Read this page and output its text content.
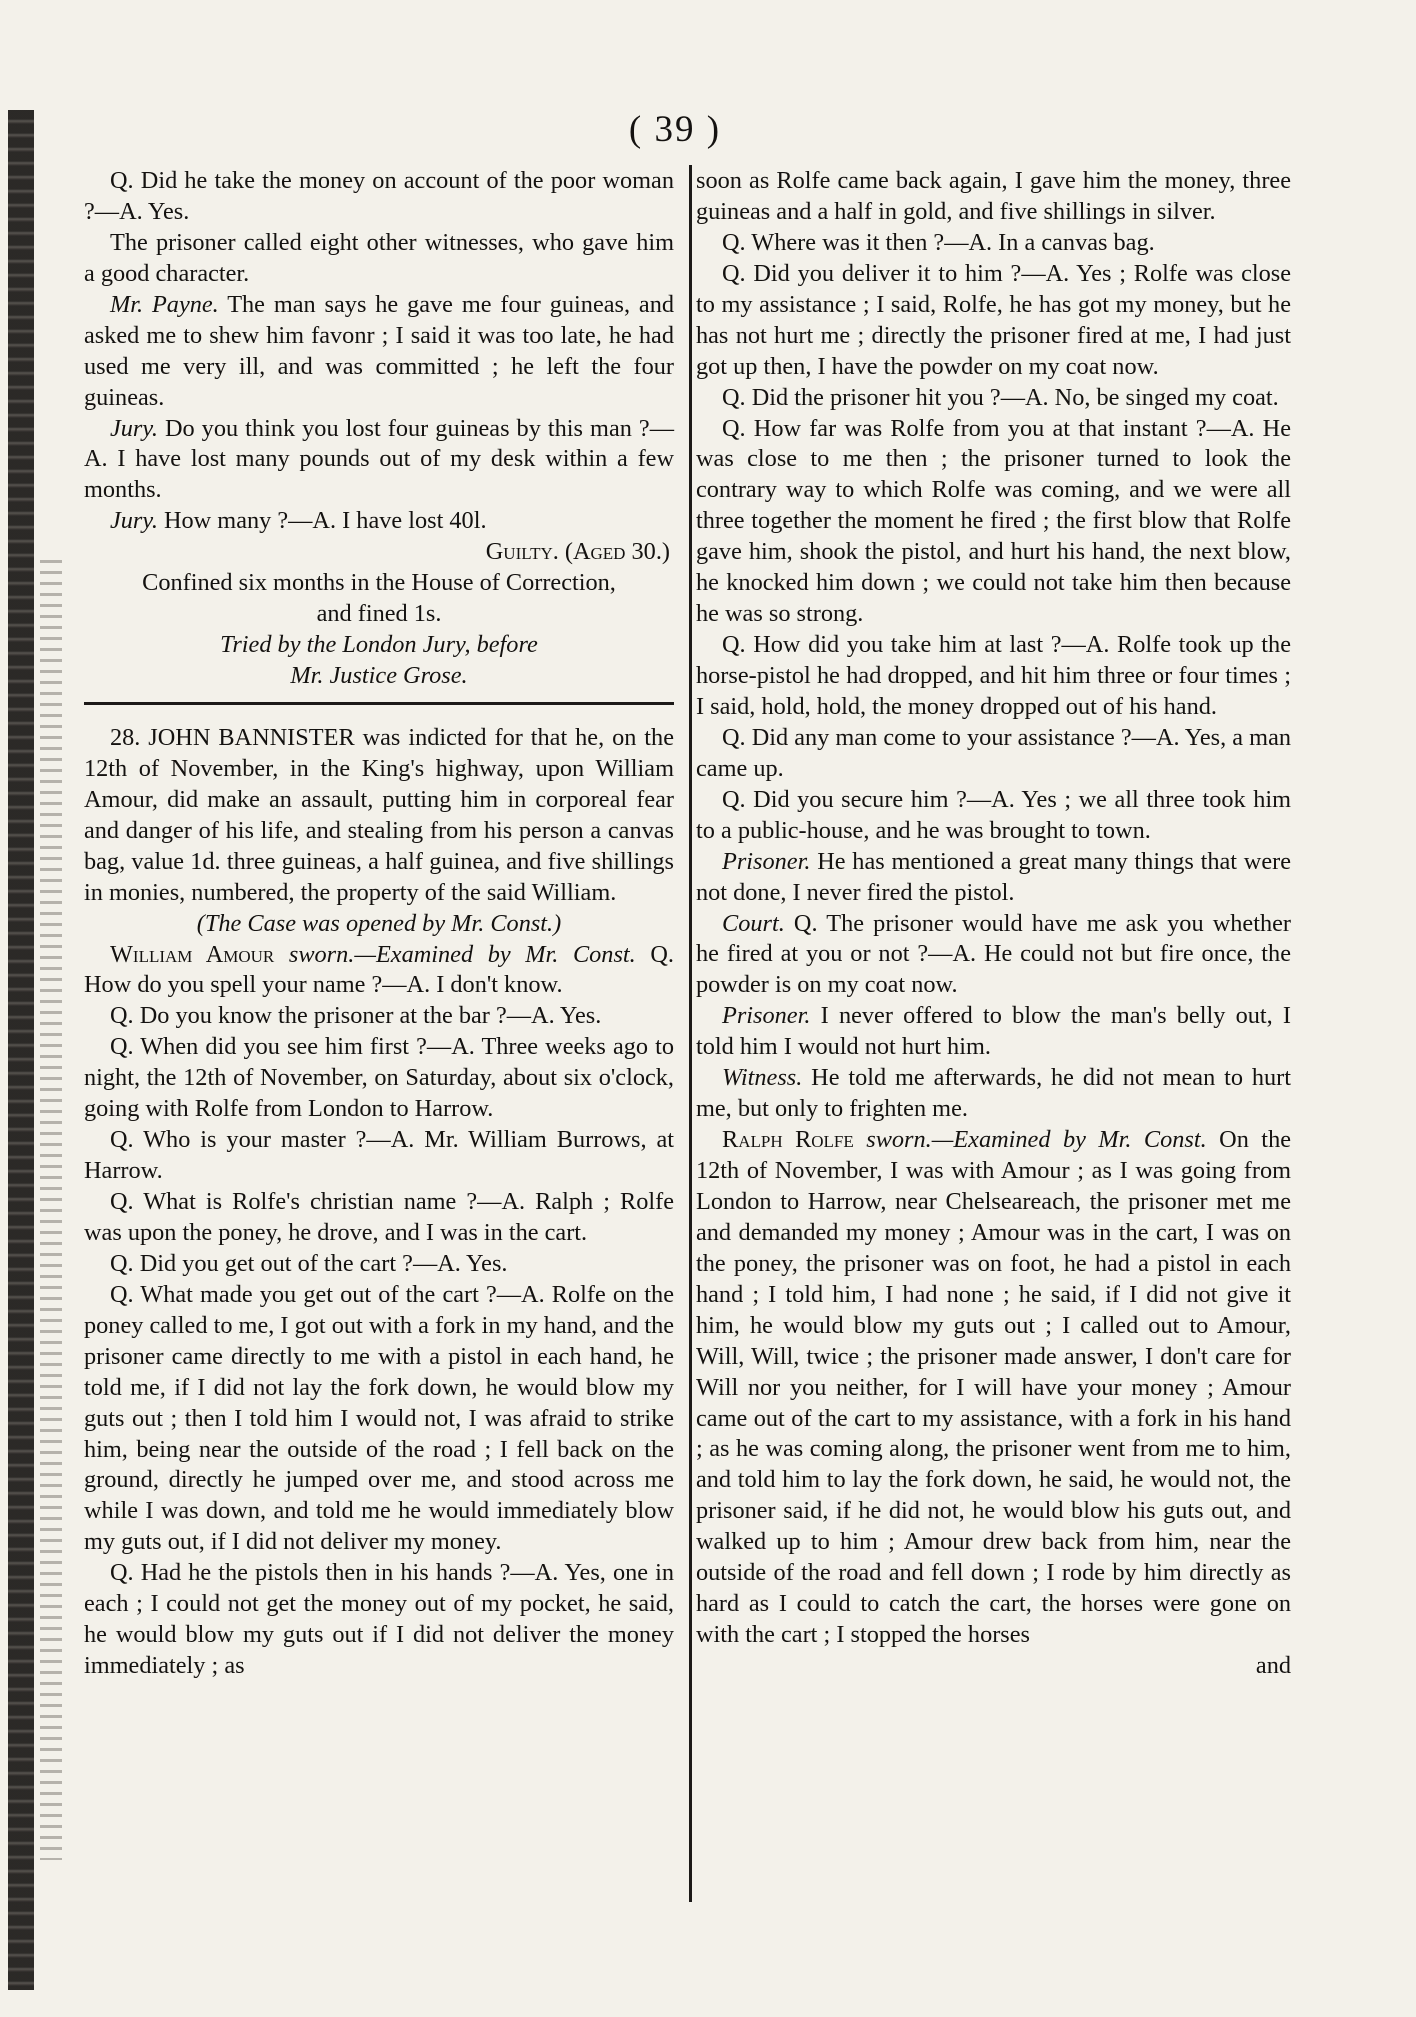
( 39 )

Q. Did he take the money on account of the poor woman ?—A. Yes.

The prisoner called eight other witnesses, who gave him a good character.

Mr. Payne. The man says he gave me four guineas, and asked me to shew him favonr ; I said it was too late, he had used me very ill, and was committed ; he left the four guineas.

Jury. Do you think you lost four guineas by this man ?—A. I have lost many pounds out of my desk within a few months.

Jury. How many ?—A. I have lost 40l.

Guilty. (Aged 30.)

Confined six months in the House of Correction,

and fined 1s.

Tried by the London Jury, before

Mr. Justice Grose.

28. JOHN BANNISTER was indicted for that he, on the 12th of November, in the King's highway, upon William Amour, did make an assault, putting him in corporeal fear and danger of his life, and stealing from his person a canvas bag, value 1d. three guineas, a half guinea, and five shillings in monies, numbered, the property of the said William.

(The Case was opened by Mr. Const.)

William Amour sworn.—Examined by Mr. Const. Q. How do you spell your name ?—A. I don't know.

Q. Do you know the prisoner at the bar ?—A. Yes.

Q. When did you see him first ?—A. Three weeks ago to night, the 12th of November, on Saturday, about six o'clock, going with Rolfe from London to Harrow.

Q. Who is your master ?—A. Mr. William Burrows, at Harrow.

Q. What is Rolfe's christian name ?—A. Ralph ; Rolfe was upon the poney, he drove, and I was in the cart.

Q. Did you get out of the cart ?—A. Yes.

Q. What made you get out of the cart ?—A. Rolfe on the poney called to me, I got out with a fork in my hand, and the prisoner came directly to me with a pistol in each hand, he told me, if I did not lay the fork down, he would blow my guts out ; then I told him I would not, I was afraid to strike him, being near the outside of the road ; I fell back on the ground, directly he jumped over me, and stood across me while I was down, and told me he would immediately blow my guts out, if I did not deliver my money.

Q. Had he the pistols then in his hands ?—A. Yes, one in each ; I could not get the money out of my pocket, he said, he would blow my guts out if I did not deliver the money immediately ; as

soon as Rolfe came back again, I gave him the money, three guineas and a half in gold, and five shillings in silver.

Q. Where was it then ?—A. In a canvas bag.

Q. Did you deliver it to him ?—A. Yes ; Rolfe was close to my assistance ; I said, Rolfe, he has got my money, but he has not hurt me ; directly the prisoner fired at me, I had just got up then, I have the powder on my coat now.

Q. Did the prisoner hit you ?—A. No, be singed my coat.

Q. How far was Rolfe from you at that instant ?—A. He was close to me then ; the prisoner turned to look the contrary way to which Rolfe was coming, and we were all three together the moment he fired ; the first blow that Rolfe gave him, shook the pistol, and hurt his hand, the next blow, he knocked him down ; we could not take him then because he was so strong.

Q. How did you take him at last ?—A. Rolfe took up the horse-pistol he had dropped, and hit him three or four times ; I said, hold, hold, the money dropped out of his hand.

Q. Did any man come to your assistance ?—A. Yes, a man came up.

Q. Did you secure him ?—A. Yes ; we all three took him to a public-house, and he was brought to town.

Prisoner. He has mentioned a great many things that were not done, I never fired the pistol.

Court. Q. The prisoner would have me ask you whether he fired at you or not ?—A. He could not but fire once, the powder is on my coat now.

Prisoner. I never offered to blow the man's belly out, I told him I would not hurt him.

Witness. He told me afterwards, he did not mean to hurt me, but only to frighten me.

Ralph Rolfe sworn.—Examined by Mr. Const. On the 12th of November, I was with Amour ; as I was going from London to Harrow, near Chelseareach, the prisoner met me and demanded my money ; Amour was in the cart, I was on the poney, the prisoner was on foot, he had a pistol in each hand ; I told him, I had none ; he said, if I did not give it him, he would blow my guts out ; I called out to Amour, Will, Will, twice ; the prisoner made answer, I don't care for Will nor you neither, for I will have your money ; Amour came out of the cart to my assistance, with a fork in his hand ; as he was coming along, the prisoner went from me to him, and told him to lay the fork down, he said, he would not, the prisoner said, if he did not, he would blow his guts out, and walked up to him ; Amour drew back from him, near the outside of the road and fell down ; I rode by him directly as hard as I could to catch the cart, the horses were gone on with the cart ; I stopped the horses

and
